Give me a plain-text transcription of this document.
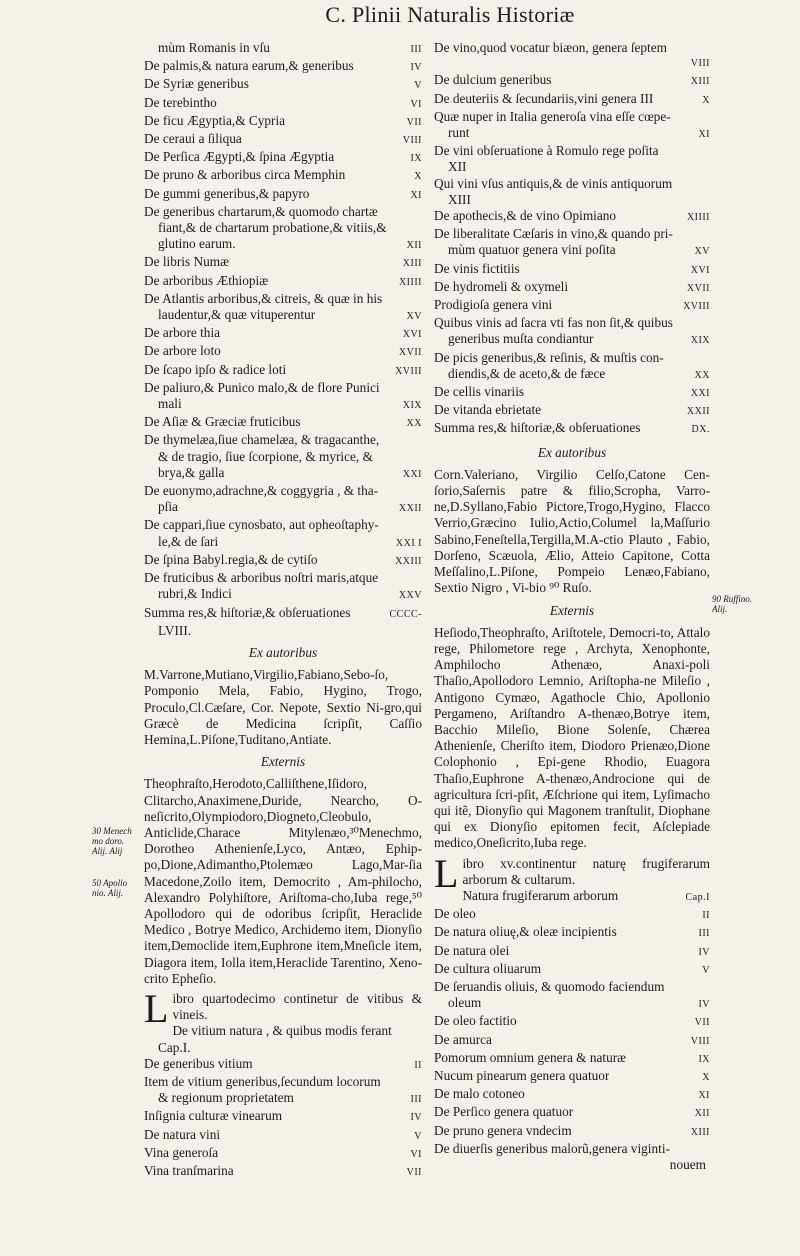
C. Plinii Naturalis Historiæ
mùm Romanis in vſu	III
De palmis,& natura earum,& generibus	IV
De Syriæ generibus	V
De terebintho	VI
De ficu Ægyptia,& Cypria	VII
De ceraui a ſiliqua	VIII
De Perſica Ægypti,& ſpina Ægyptia	IX
De pruno & arboribus circa Memphin	X
De gummi generibus,& papyro	XI
De generibus chartarum,& quomodo chartæ
fiant,& de chartarum probatione,& vitiis,&
glutino earum.	XII
De libris Numæ	XIII
De arboribus Æthiopiæ	XIIII
De Atlantis arboribus,& citreis, & quæ in his
laudentur,& quæ vituperentur	XV
De arbore thia	XVI
De arbore loto	XVII
De ſcapo ipſo & radice loti	XVIII
De paliuro,& Punico malo,& de flore Punici
mali	XIX
De Aſiæ & Græciæ fruticibus	XX
De thymelæa,ſiue chamelæa, & tragacanthe,
& de tragio, ſiue ſcorpione, & myrice, &
brya,& galla	XXI
De euonymo,adrachne,& coggygria , & tha-
pſia	XXII
De cappari,ſiue cynosbato, aut opheoſtaphy-
le,& de ſari	XXI I
De ſpina Babyl.regia,& de cytiſo	XXIII
De fruticibus & arboribus noſtri maris,atque
rubri,& Indici	XXV
Summa res,& hiſtoriæ,& obſeruationes	CCCC-
LVIII.
Ex autoribus
M.Varrone,Mutiano,Virgilio,Fabiano,Sebo-ſo, Pomponio Mela, Fabio, Hygino, Trogo, Proculo,Cl.Cæſare, Cor. Nepote, Sextio Ni-gro,qui Græcè de Medicina ſcripſit, Caſſio Hemina,L.Piſone,Tuditano,Antiate.
Externis
Theophraſto,Herodoto,Calliſthene,Iſidoro, Clitarcho,Anaximene,Duride, Nearcho, O-neſicrito,Olympiodoro,Diogneto,Cleobulo, Anticlide,Charace Mitylenæo,³⁰Menechmo, Dorotheo Athenienſe,Lyco, Antæo, Ephip-po,Dione,Adimantho,Ptolemæo Lago,Mar-ſia Macedone,Zoilo item, Democrito , Am-philocho, Alexandro Polyhiſtore, Ariſtoma-cho,Iuba rege,⁵⁰ Apollodoro qui de odoribus ſcripſit, Heraclide Medico , Botrye Medico, Archidemo item, Dionyſio item,Democlide item,Euphrone item,Mneſicle item, Diagora item, Iolla item,Heraclide Tarentino, Xeno-crito Epheſio.
L ibro quartodecimo continetur de vitibus & vineis.
De vitium natura , & quibus modis ferant
Cap.I.
De generibus vitium	II
Item de vitium generibus,ſecundum locorum
& regionum proprietatem	III
Inſignia culturæ vinearum	IV
De natura vini	V
Vina generoſa	VI
Vina tranſmarina	VII
De vino,quod vocatur biæon, genera ſeptem
VIII
De dulcium generibus	XIII
De deuteriis & ſecundariis,vini genera III	X
Quæ nuper in Italia generoſa vina eſſe cœpe-
runt	XI
De vini obſeruatione à Romulo rege poſita
XII
Qui vini vſus antiquis,& de vinis antiquorum
XIII
De apothecis,& de vino Opimiano	XIIII
De liberalitate Cæſaris in vino,& quando pri-
mùm quatuor genera vini poſita	XV
De vinis fictitiis	XVI
De hydromeli & oxymeli	XVII
Prodigioſa genera vini	XVIII
Quibus vinis ad ſacra vti fas non ſit,& quibus
generibus muſta condiantur	XIX
De picis generibus,& reſinis, & muſtis con-
diendis,& de aceto,& de fæce	XX
De cellis vinariis	XXI
De vitanda ebrietate	XXII
Summa res,& hiſtoriæ,& obſeruationes	DX.
Ex autoribus
Corn.Valeriano, Virgilio Celſo,Catone Cen-ſorio,Saſernis patre & filio,Scropha, Varro-ne,D.Syllano,Fabio Pictore,Trogo,Hygino, Flacco Verrio,Græcino Iulio,Actio,Columel la,Maſſurio Sabino,Feneſtella,Tergilla,M.A-ctio Plauto , Fabio, Dorſeno, Scæuola, Ælio, Atteio Capitone, Cotta Meſſalino,L.Piſone, Pompeio Lenæo,Fabiano, Sextio Nigro , Vi-bio ⁹⁰ Ruſo.
Externis
Heſiodo,Theophraſto, Ariſtotele, Democri-to, Attalo rege, Philometore rege , Archyta, Xenophonte, Amphilocho Athenæo, Anaxi-poli Thaſio,Apollodoro Lemnio, Ariſtopha-ne Mileſio , Antigono Cymæo, Agathocle Chio, Apollonio Pergameno, Ariſtandro A-thenæo,Botrye item, Bacchio Mileſio, Bione Solenſe, Chærea Athenienſe, Cheriſto item, Diodoro Prienæo,Dione Colophonio , Epi-gene Rhodio, Euagora Thaſio,Euphrone A-thenæo,Androcione qui de agricultura ſcri-pſit, Æſchrione qui item, Lyſimacho qui itẽ, Dionyſio qui Magonem tranſtulit, Diophane qui ex Dionyſio epitomen fecit, Aſclepiade medico,Oneſicrito,Iuba rege.
L ibro xv.continentur naturę frugiferarum arborum & cultarum.
Natura frugiferarum arborum	Cap.I
De oleo	II
De natura oliuę,& oleæ incipientis	III
De natura olei	IV
De cultura oliuarum	V
De ſeruandis oliuis, & quomodo faciendum
oleum	IV
De oleo factitio	VII
De amurca	VIII
Pomorum omnium genera & naturæ	IX
Nucum pinearum genera quatuor	X
De malo cotoneo	XI
De Perſico genera quatuor	XII
De pruno genera vndecim	XIII
De diuerſis generibus malorũ,genera viginti-
nouem
30 Menech mo doro. Alij. Alij
50 Apollo nio. Alij.
90 Ruffino. Alij.
